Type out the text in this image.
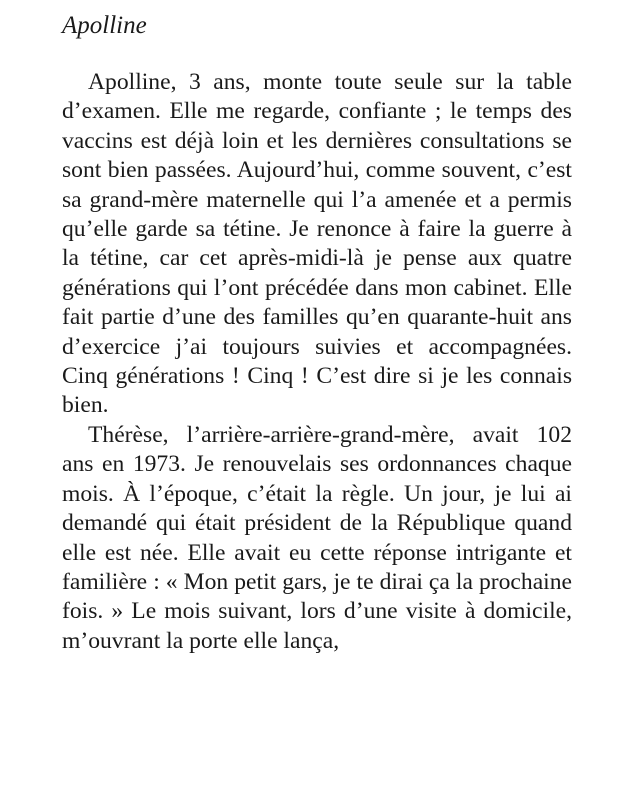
Apolline

Apolline, 3 ans, monte toute seule sur la table d’examen. Elle me regarde, confiante ; le temps des vaccins est déjà loin et les dernières consultations se sont bien passées. Aujourd’hui, comme souvent, c’est sa grand-mère maternelle qui l’a amenée et a permis qu’elle garde sa tétine. Je renonce à faire la guerre à la tétine, car cet après-midi-là je pense aux quatre générations qui l’ont précédée dans mon cabinet. Elle fait partie d’une des familles qu’en quarante-huit ans d’exercice j’ai toujours suivies et accompagnées. Cinq générations ! Cinq ! C’est dire si je les connais bien.

Thérèse, l’arrière-arrière-grand-mère, avait 102 ans en 1973. Je renouvelais ses ordonnances chaque mois. À l’époque, c’était la règle. Un jour, je lui ai demandé qui était président de la République quand elle est née. Elle avait eu cette réponse intrigante et familière : « Mon petit gars, je te dirai ça la prochaine fois. » Le mois suivant, lors d’une visite à domicile, m’ouvrant la porte elle lança,
